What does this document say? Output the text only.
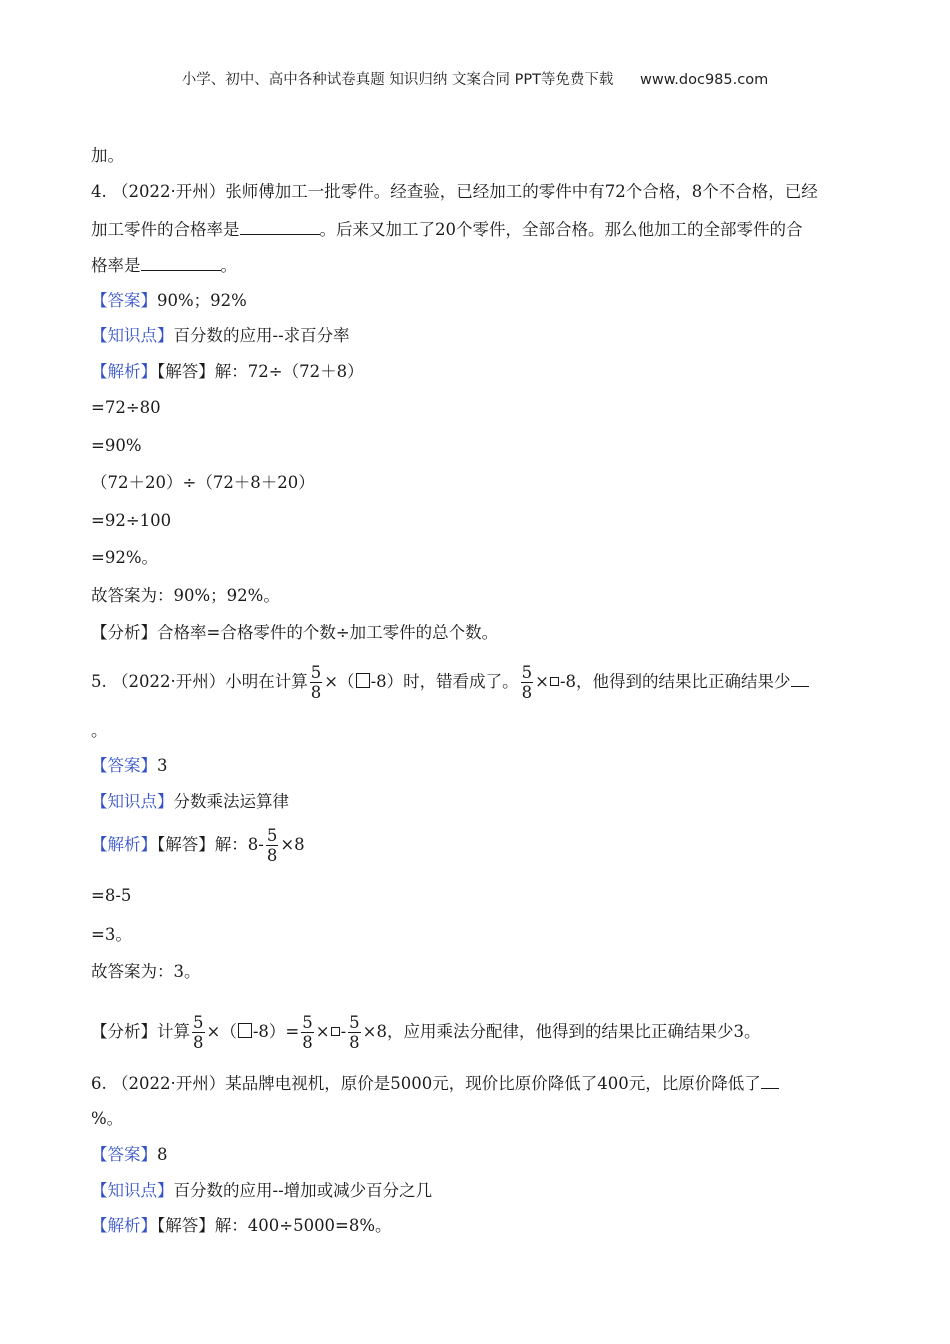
小学、初中、高中各种试卷真题 知识归纳 文案合同 PPT等免费下载 www.doc985.com
加。
4. （2022·开州）张师傅加工一批零件。经查验，已经加工的零件中有72个合格，8个不合格，已经
加工零件的合格率是	。后来又加工了20个零件，全部合格。那么他加工的全部零件的合
格率是	。
【答案】90%；92%
【知识点】百分数的应用--求百分率
【解析】【解答】解：72÷（72＋8）
=72÷80
=90%
（72＋20）÷（72＋8＋20）
=92÷100
=92%。
故答案为：90%；92%。
【分析】合格率=合格零件的个数÷加工零件的总个数。
5. （2022·开州）小明在计算 $\frac{5}{8}$ ×（ -8）时，错看成了。 $\frac{5}{8} \times -8$，他得到的结果比正确结果少
。
【答案】3
【知识点】分数乘法运算律
【解析】【解答】解：$8- \frac{5}{8} \times 8$
=8-5
=3。
故答案为：3。
【分析】计算 $\frac{5}{8}$ ×（ $-8)= \frac{5}{8}$ × - $\frac{5}{8} \times 8$，应用乘法分配律，他得到的结果比正确结果少3。
6. （2022·开州）某品牌电视机，原价是5000元，现价比原价降低了400元，比原价降低了
%。
【答案】8
【知识点】百分数的应用--增加或减少百分之几
【解析】【解答】解：400÷5000=8%。
